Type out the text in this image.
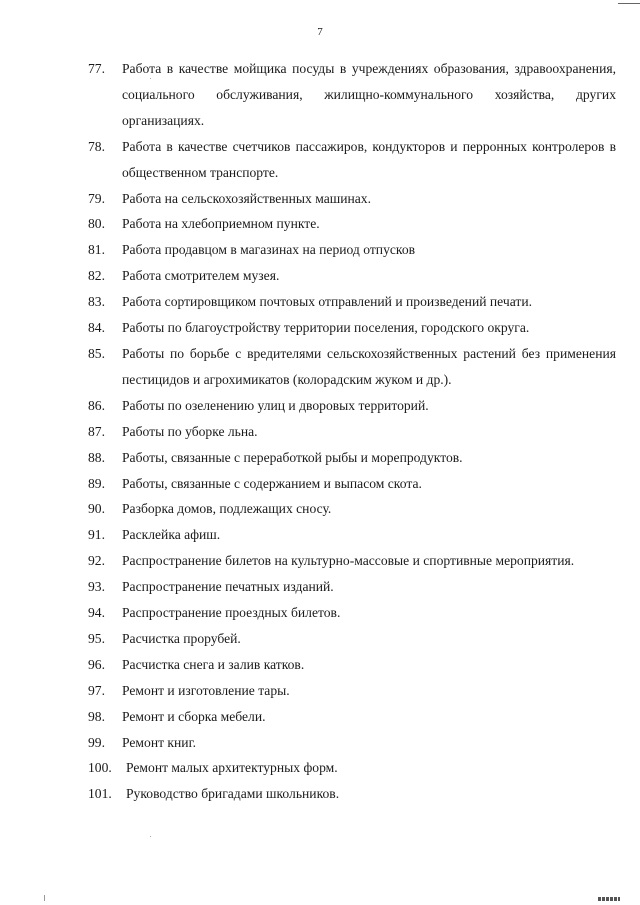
7
77. Работа в качестве мойщика посуды в учреждениях образования, здравоохранения, социального обслуживания, жилищно-коммунального хозяйства, других организациях.

78. Работа в качестве счетчиков пассажиров, кондукторов и перронных контролеров в общественном транспорте.

79. Работа на сельскохозяйственных машинах.

80. Работа на хлебоприемном пункте.

81. Работа продавцом в магазинах на период отпусков

82. Работа смотрителем музея.

83. Работа сортировщиком почтовых отправлений и произведений печати.

84. Работы по благоустройству территории поселения, городского округа.

85. Работы по борьбе с вредителями сельскохозяйственных растений без применения пестицидов и агрохимикатов (колорадским жуком и др.).

86. Работы по озеленению улиц и дворовых территорий.

87. Работы по уборке льна.

88. Работы, связанные с переработкой рыбы и морепродуктов.

89. Работы, связанные с содержанием и выпасом скота.

90. Разборка домов, подлежащих сносу.

91. Расклейка афиш.

92. Распространение билетов на культурно-массовые и спортивные мероприятия.

93. Распространение печатных изданий.

94. Распространение проездных билетов.

95. Расчистка прорубей.

96. Расчистка снега и залив катков.

97. Ремонт и изготовление тары.

98. Ремонт и сборка мебели.

99. Ремонт книг.

100. Ремонт малых архитектурных форм.

101. Руководство бригадами школьников.
